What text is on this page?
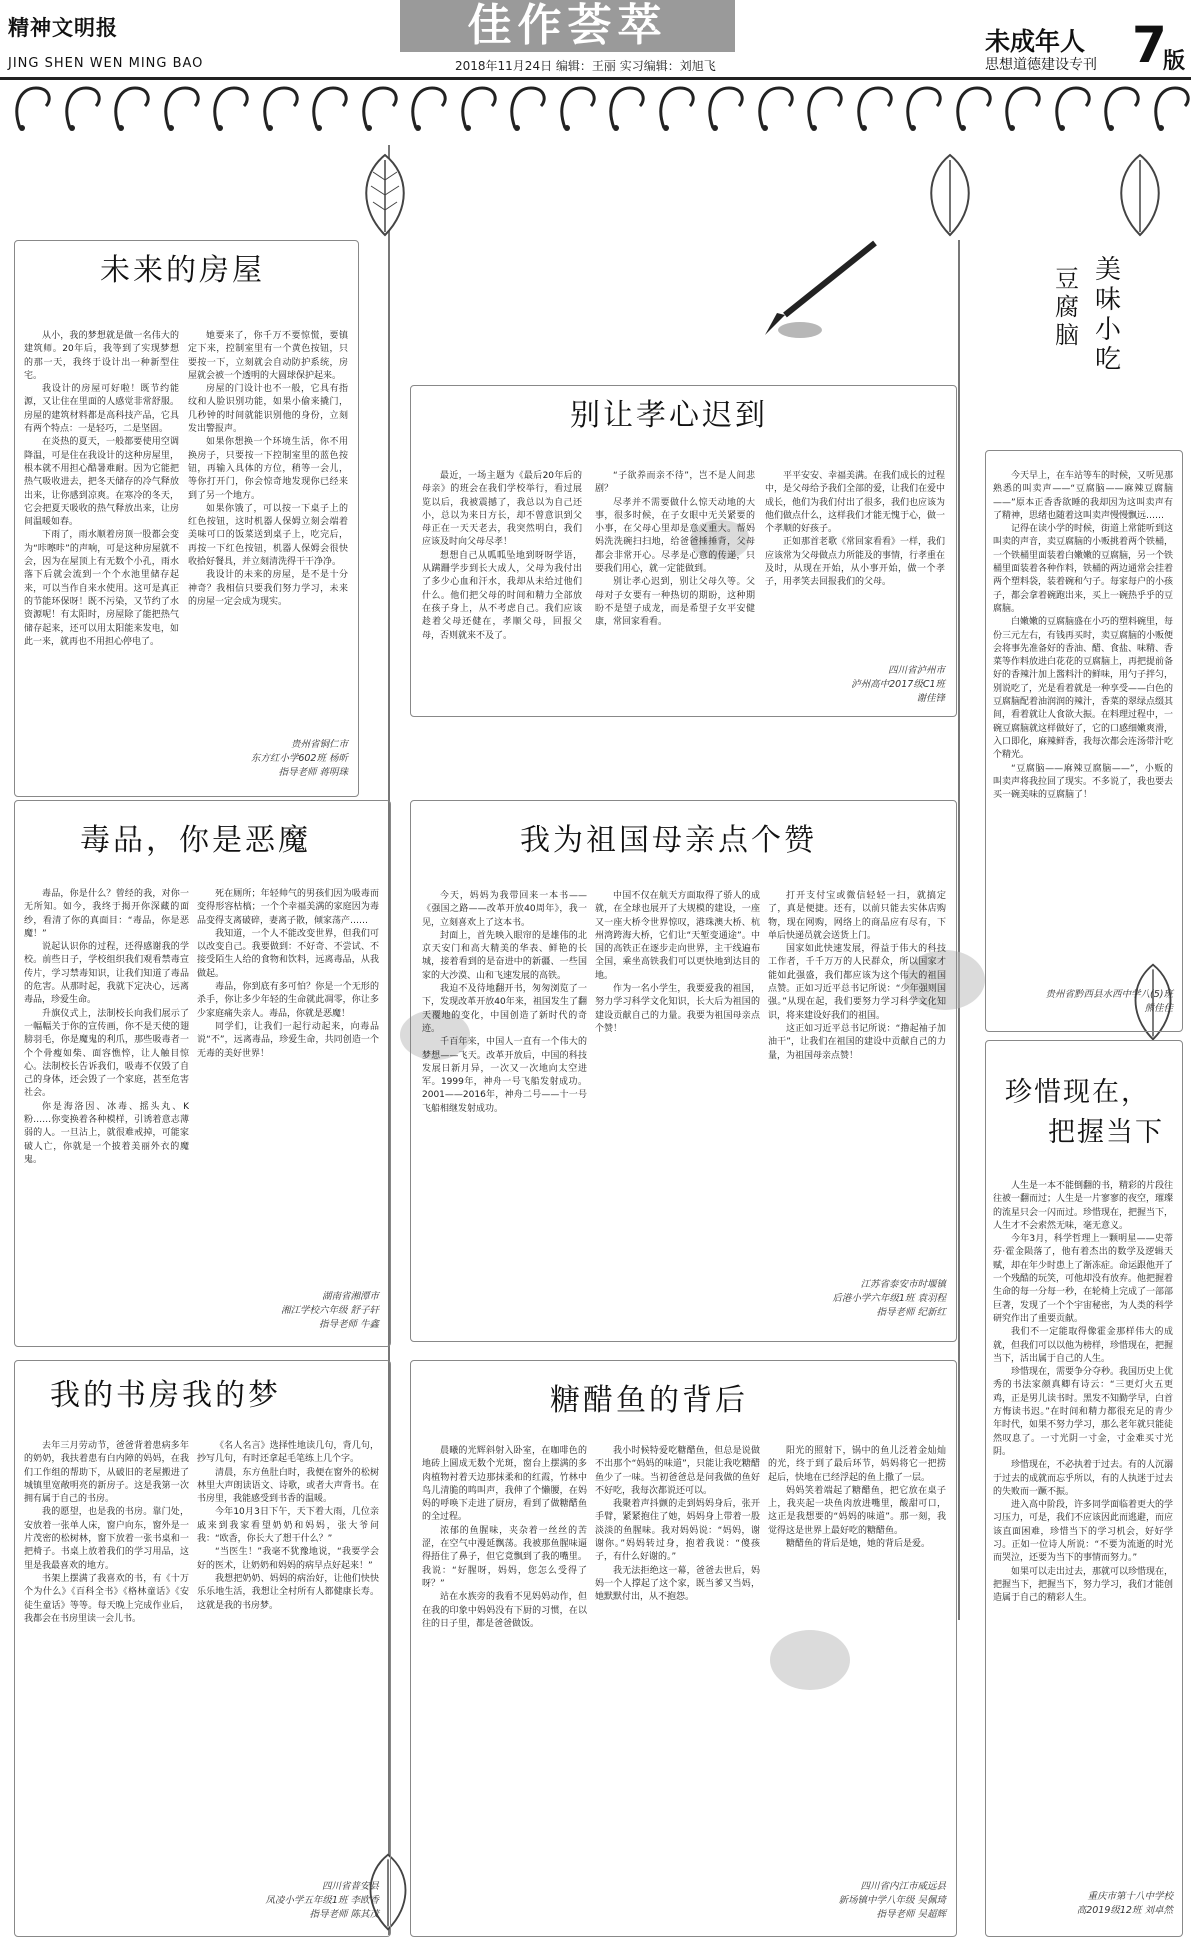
精神文明报
JING SHEN WEN MING BAO
佳作荟萃
2018年11月24日 编辑：王丽 实习编辑：刘旭飞
未成年人
思想道德建设专刊 7
版
未来的房屋

从小，我的梦想就是做一名伟大的建筑师。20年后，我等到了实现梦想的那一天，我终于设计出一种新型住宅。

我设计的房屋可好啦！既节约能源，又让住在里面的人感觉非常舒服。房屋的建筑材料都是高科技产品，它具有两个特点：一是轻巧，二是坚固。

在炎热的夏天，一般都要使用空调降温，可是住在我设计的这种房屋里，根本就不用担心酷暑难耐。因为它能把热气吸收进去，把冬天储存的冷气释放出来，让你感到凉爽。在寒冷的冬天，它会把夏天吸收的热气释放出来，让房间温暖如春。

下雨了，雨水顺着房顶一股都会变为“咔嚓咔”的声响，可是这种房屋就不会，因为在屋顶上有无数个小孔，雨水落下后就会流到一个个水池里储存起来，可以当作自来水使用。这可是真正的节能环保呀！既不污染，又节约了水资源呢！有太阳时，房屋除了能把热气储存起来，还可以用太阳能来发电，如此一来，就再也不用担心停电了。

她要来了，你千万不要惊慌，要镇定下来，控制室里有一个黄色按钮，只要按一下，立刻就会自动防护系统，房屋就会被一个透明的大圆球保护起来。

房屋的门设计也不一般，它具有指纹和人脸识别功能，如果小偷来撬门，几秒钟的时间就能识别他的身份，立刻发出警报声。

如果你想换一个环境生活，你不用换房子，只要按一下控制室里的蓝色按钮，再输入具体的方位，稍等一会儿，等你打开门，你会惊奇地发现你已经来到了另一个地方。

如果你饿了，可以按一下桌子上的红色按钮，这时机器人保姆立刻会端着美味可口的饭菜送到桌子上，吃完后，再按一下红色按钮，机器人保姆会很快收拾好餐具，并立刻清洗得干干净净。

我设计的未来的房屋，是不是十分神奇？我相信只要我们努力学习，未来的房屋一定会成为现实。

贵州省铜仁市
东方红小学602班 杨昕
指导老师 蒋明珠
别让孝心迟到

最近，一场主题为《最后20年后的母亲》的班会在我们学校举行，看过展览以后，我被震撼了，我总以为自己还小，总以为来日方长，却不曾意识到父母正在一天天老去，我突然明白，我们应该及时向父母尽孝！

想想自己从呱呱坠地到呀呀学语，从蹒跚学步到长大成人，父母为我付出了多少心血和汗水，我却从未给过他们什么。他们把父母的时间和精力全部放在孩子身上，从不考虑自己。我们应该趁着父母还健在，孝顺父母，回报父母，否则就来不及了。

“子欲养而亲不待”，岂不是人间悲剧？

尽孝并不需要做什么惊天动地的大事，很多时候，在子女眼中无关紧要的小事，在父母心里却是意义重大。帮妈妈洗洗碗扫扫地，给爸爸捶捶背，父母都会非常开心。尽孝是心意的传递，只要我们用心，就一定能做到。

别让孝心迟到，别让父母久等。父母对子女要有一种热切的期盼，这种期盼不是望子成龙，而是希望子女平安健康，常回家看看。

平平安安、幸福美满。在我们成长的过程中，是父母给予我们全部的爱，让我们在爱中成长，他们为我们付出了很多，我们也应该为他们做点什么，这样我们才能无愧于心，做一个孝顺的好孩子。

正如那首老歌《常回家看看》一样，我们应该常为父母做点力所能及的事情，行孝重在及时，从现在开始，从小事开始，做一个孝子，用孝笑去回报我们的父母。

四川省泸州市
泸州高中2017级C1班
谢佳锋
美味小吃
豆腐脑

今天早上，在车站等车的时候，又听见那熟悉的叫卖声——“豆腐脑——麻辣豆腐脑——”原本正香香欲睡的我却因为这叫卖声有了精神，思绪也随着这叫卖声慢慢飘远……

记得在读小学的时候，街道上常能听到这叫卖的声音，卖豆腐脑的小贩挑着两个铁桶，一个铁桶里面装着白嫩嫩的豆腐脑，另一个铁桶里面装着各种作料，铁桶的两边通常会挂着两个塑料袋，装着碗和勺子。每家每户的小孩子，都会拿着碗跑出来，买上一碗热乎乎的豆腐脑。

白嫩嫩的豆腐脑盛在小巧的塑料碗里，每份三元左右，有钱再买时，卖豆腐脑的小贩便会将事先准备好的香油、醋、食盐、味精、香菜等作料放进白花花的豆腐脑上，再把提前备好的香辣汁加上酱料汁的鲜味，用勺子拌匀，别说吃了，光是看着就是一种享受——白色的豆腐脑配着油润润的辣汁，香菜的翠绿点缀其间，看着就让人食欲大振。在料理过程中，一碗豆腐脑就这样做好了，它的口感细嫩爽滑，入口即化，麻辣鲜香，我每次都会连汤带汁吃个精光。

“豆腐脑——麻辣豆腐脑——”，小贩的叫卖声将我拉回了现实。不多说了，我也要去买一碗美味的豆腐脑了！

贵州省黔西县水西中学八(5)班
熊佳佳
毒品，你是恶魔

毒品，你是什么？曾经的我，对你一无所知。如今，我终于揭开你深藏的面纱，看清了你的真面目：“毒品，你是恶魔！”

说起认识你的过程，还得感谢我的学校。前些日子，学校组织我们观看禁毒宣传片，学习禁毒知识，让我们知道了毒品的危害。从那时起，我就下定决心，远离毒品，珍爱生命。

升旗仪式上，法制校长向我们展示了一幅幅关于你的宣传画，你不是天使的翅膀羽毛，你是魔鬼的利爪，那些吸毒者一个个骨瘦如柴、面容憔悴，让人触目惊心。法制校长告诉我们，吸毒不仅毁了自己的身体，还会毁了一个家庭，甚至危害社会。

你是海洛因、冰毒、摇头丸、K粉……你变换着各种模样，引诱着意志薄弱的人。一旦沾上，就很难戒掉，可能家破人亡，你就是一个披着美丽外衣的魔鬼。

死在厕所；年轻帅气的男孩们因为吸毒而变得形容枯槁；一个个幸福美满的家庭因为毒品变得支离破碎，妻离子散，倾家荡产……

我知道，一个人不能改变世界，但我们可以改变自己。我要做到：不好奇、不尝试、不接受陌生人给的食物和饮料，远离毒品，从我做起。

毒品，你到底有多可怕？你是一个无形的杀手，你让多少年轻的生命就此凋零，你让多少家庭痛失亲人。毒品，你就是恶魔！

同学们，让我们一起行动起来，向毒品说“不”，远离毒品，珍爱生命，共同创造一个无毒的美好世界！

湖南省湘潭市
湘江学校六年级 舒子轩
指导老师 牛鑫
我为祖国母亲点个赞

今天，妈妈为我带回来一本书——《强国之路——改革开放40周年》，我一见，立刻喜欢上了这本书。

封面上，首先映入眼帘的是雄伟的北京天安门和高大精美的华表、鲜艳的长城，接着看到的是奋进中的新疆、一些国家的大沙漠、山和飞速发展的高铁。

我迫不及待地翻开书，匆匆浏览了一下，发现改革开放40年来，祖国发生了翻天覆地的变化，中国创造了新时代的奇迹。

千百年来，中国人一直有一个伟大的梦想——飞天。改革开放后，中国的科技发展日新月异，一次又一次地向太空进军。1999年，神舟一号飞船发射成功。2001——2016年，神舟二号——十一号飞船相继发射成功。

中国不仅在航天方面取得了骄人的成就，在全球也展开了大规模的建设，一座又一座大桥令世界惊叹，港珠澳大桥、杭州湾跨海大桥，它们让“天堑变通途”。中国的高铁正在逐步走向世界，主干线遍布全国，乘坐高铁我们可以更快地到达目的地。

作为一名小学生，我要爱我的祖国，努力学习科学文化知识，长大后为祖国的建设贡献自己的力量。我要为祖国母亲点个赞！

打开支付宝或微信轻轻一扫，就搞定了，真是便捷。还有，以前只能去实体店购物，现在网购，网络上的商品应有尽有，下单后快递员就会送货上门。

国家如此快速发展，得益于伟大的科技工作者，千千万万的人民群众，所以国家才能如此强盛，我们都应该为这个伟大的祖国点赞。正如习近平总书记所说：“少年强则国强。”从现在起，我们要努力学习科学文化知识，将来建设好我们的祖国。

这正如习近平总书记所说：“撸起袖子加油干”，让我们在祖国的建设中贡献自己的力量，为祖国母亲点赞！

江苏省泰安市时堰镇
后港小学六年级1班 袁羽程
指导老师 纪新红
珍惜现在，
把握当下

人生是一本不能倒翻的书，精彩的片段往往被一翻而过；人生是一片寥寥的夜空，璀璨的流星只会一闪而过。珍惜现在，把握当下，人生才不会索然无味，毫无意义。

今年3月，科学哲理上一颗明星——史蒂芬·霍金陨落了，他有着杰出的数学及逻辑天赋，却在年少时患上了渐冻症。命运跟他开了一个残酷的玩笑，可他却没有放弃。他把握着生命的每一分每一秒，在轮椅上完成了一部部巨著，发现了一个个宇宙秘密，为人类的科学研究作出了重要贡献。

我们不一定能取得像霍金那样伟大的成就，但我们可以以他为榜样，珍惜现在，把握当下，活出属于自己的人生。

珍惜现在，需要争分夺秒。我国历史上优秀的书法家颜真卿有诗云：“三更灯火五更鸡，正是男儿读书时。黑发不知勤学早，白首方悔读书迟。”在时间和精力都很充足的青少年时代，如果不努力学习，那么老年就只能徒然叹息了。一寸光阴一寸金，寸金难买寸光阴。

珍惜现在，不必执着于过去。有的人沉溺于过去的成就而忘乎所以，有的人执迷于过去的失败而一蹶不振。

进入高中阶段，许多同学面临着更大的学习压力，可是，我们不应该因此而逃避，而应该直面困难，珍惜当下的学习机会，好好学习。正如一位诗人所说：“不要为流逝的时光而哭泣，还要为当下的事情而努力。”

如果可以走出过去，那就可以珍惜现在，把握当下，把握当下，努力学习，我们才能创造属于自己的精彩人生。

重庆市第十八中学校
高2019级12班 刘卓然
我的书房我的梦

去年三月劳动节，爸爸背着患病多年的奶奶，我扶着患有白内障的妈妈，在我们工作组的帮助下，从破旧的老屋搬进了城镇里宽敞明亮的新房子。这是我第一次拥有属于自己的书房。

我的愿望，也是我的书房。靠门处，安放着一张单人床，窗户向东，窗外是一片茂密的松树林，窗下放着一张书桌和一把椅子。书桌上放着我们的学习用品，这里是我最喜欢的地方。

书架上摆满了我喜欢的书，有《十万个为什么》《百科全书》《格林童话》《安徒生童话》等等。每天晚上完成作业后，我都会在书房里读一会儿书。

《名人名言》选择性地读几句，背几句，抄写几句，有时还拿起毛笔练上几个字。

清晨，东方鱼肚白时，我便在窗外的松树林里大声朗读语文、诗歌，或者大声背书。在书房里，我能感受到书香的温暖。

今年10月3日下午，天下着大雨，几位亲戚来到我家看望奶奶和妈妈，张大爷问我：“欧香，你长大了想干什么？”

“当医生！”我毫不犹豫地说，“我要学会好的医术，让奶奶和妈妈的病早点好起来！”

我想把奶奶、妈妈的病治好，让他们快快乐乐地生活，我想让全村所有人都健康长寿。这就是我的书房梦。

四川省普安县
凤凌小学五年级1班 李欧香
指导老师 陈其茂
糖醋鱼的背后

晨曦的光辉斜射入卧室，在咖啡色的地砖上圆成无数个光斑，窗台上摆满的多肉植物衬着天边那抹柔和的红霞，竹林中鸟儿清脆的鸣叫声，我伸了个懒腰，在妈妈的呼唤下走进了厨房，看到了做糖醋鱼的全过程。

浓郁的鱼腥味，夹杂着一丝丝的苦涩，在空气中漫延飘荡。我被那鱼腥味逼得捂住了鼻子，但它竟飘到了我的嘴里。我说：“好腥呀，妈妈，您怎么受得了呀？”

站在水族旁的我看不见妈妈动作，但在我的印象中妈妈没有下厨的习惯，在以往的日子里，都是爸爸做饭。

我小时候特爱吃糖醋鱼，但总是说做不出那个“妈妈的味道”，只能让我吃糖醋鱼少了一味。当初爸爸总是问我做的鱼好不好吃，我每次都说还可以。

我聚着声抖颤的走到妈妈身后，张开手臂，紧紧抱住了她，妈妈身上带着一股淡淡的鱼腥味。我对妈妈说：“妈妈，谢谢你。”妈妈转过身，抱着我说：“傻孩子，有什么好谢的。”

我无法拒绝这一幕，爸爸去世后，妈妈一个人撑起了这个家，既当爹又当妈，她默默付出，从不抱怨。

阳光的照射下，锅中的鱼儿泛着金灿灿的光，终于到了最后环节，妈妈将它一把捞起后，快地在已经浮起的鱼上撒了一层。

妈妈笑着端起了糖醋鱼，把它放在桌子上，我夹起一块鱼肉放进嘴里，酸甜可口，这正是我想要的“妈妈的味道”。那一刻，我觉得这是世界上最好吃的糖醋鱼。

糖醋鱼的背后是她，她的背后是爱。

四川省内江市威远县
新场镇中学八年级 吴佩琦
指导老师 吴超辉
